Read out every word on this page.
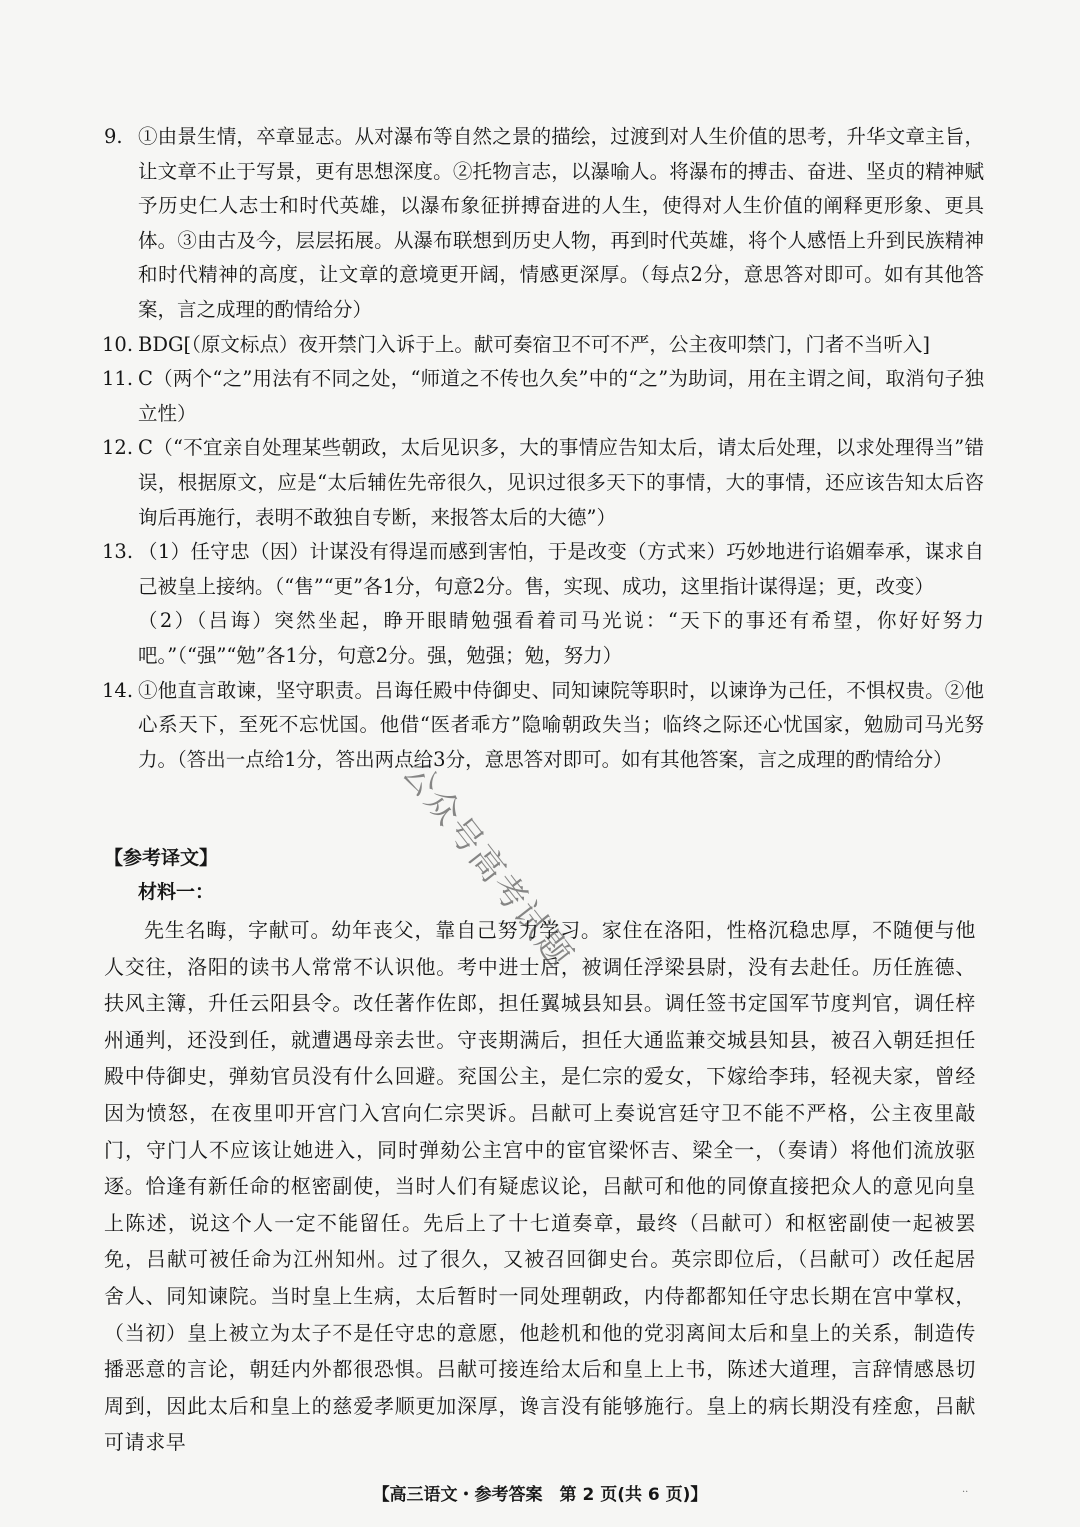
9. ①由景生情，卒章显志。从对瀑布等自然之景的描绘，过渡到对人生价值的思考，升华文章主旨，让文章不止于写景，更有思想深度。②托物言志，以瀑喻人。将瀑布的搏击、奋进、坚贞的精神赋予历史仁人志士和时代英雄，以瀑布象征拼搏奋进的人生，使得对人生价值的阐释更形象、更具体。③由古及今，层层拓展。从瀑布联想到历史人物，再到时代英雄，将个人感悟上升到民族精神和时代精神的高度，让文章的意境更开阔，情感更深厚。（每点2分，意思答对即可。如有其他答案，言之成理的酌情给分）
10. BDG[（原文标点）夜开禁门入诉于上。献可奏宿卫不可不严，公主夜叩禁门，门者不当听入]
11. C（两个“之”用法有不同之处，“师道之不传也久矣”中的“之”为助词，用在主谓之间，取消句子独立性）
12. C（“不宜亲自处理某些朝政，太后见识多，大的事情应告知太后，请太后处理，以求处理得当”错误，根据原文，应是“太后辅佐先帝很久，见识过很多天下的事情，大的事情，还应该告知太后咨询后再施行，表明不敢独自专断，来报答太后的大德”）
13. （1）任守忠（因）计谋没有得逞而感到害怕，于是改变（方式来）巧妙地进行谄媚奉承，谋求自己被皇上接纳。（“售”“更”各1分，句意2分。售，实现、成功，这里指计谋得逞；更，改变）
（2）（吕诲）突然坐起，睁开眼睛勉强看着司马光说：“天下的事还有希望，你好好努力吧。”（“强”“勉”各1分，句意2分。强，勉强；勉，努力）
14. ①他直言敢谏，坚守职责。吕诲任殿中侍御史、同知谏院等职时，以谏诤为己任，不惧权贵。②他心系天下，至死不忘忧国。他借“医者乖方”隐喻朝政失当；临终之际还心忧国家，勉励司马光努力。（答出一点给1分，答出两点给3分，意思答对即可。如有其他答案，言之成理的酌情给分）
【参考译文】
材料一：
先生名晦，字献可。幼年丧父，靠自己努力学习。家住在洛阳，性格沉稳忠厚，不随便与他人交往，洛阳的读书人常常不认识他。考中进士后，被调任浮梁县尉，没有去赴任。历任旌德、扶风主簿，升任云阳县令。改任著作佐郎，担任翼城县知县。调任签书定国军节度判官，调任梓州通判，还没到任，就遭遇母亲去世。守丧期满后，担任大通监兼交城县知县，被召入朝廷担任殿中侍御史，弹劾官员没有什么回避。兖国公主，是仁宗的爱女，下嫁给李玮，轻视夫家，曾经因为愤怒，在夜里叩开宫门入宫向仁宗哭诉。吕献可上奏说宫廷守卫不能不严格，公主夜里敲门，守门人不应该让她进入，同时弹劾公主宫中的宦官梁怀吉、梁全一，（奏请）将他们流放驱逐。恰逢有新任命的枢密副使，当时人们有疑虑议论，吕献可和他的同僚直接把众人的意见向皇上陈述，说这个人一定不能留任。先后上了十七道奏章，最终（吕献可）和枢密副使一起被罢免，吕献可被任命为江州知州。过了很久，又被召回御史台。英宗即位后，（吕献可）改任起居舍人、同知谏院。当时皇上生病，太后暂时一同处理朝政，内侍都都知任守忠长期在宫中掌权，（当初）皇上被立为太子不是任守忠的意愿，他趁机和他的党羽离间太后和皇上的关系，制造传播恶意的言论，朝廷内外都很恐惧。吕献可接连给太后和皇上上书，陈述大道理，言辞情感恳切周到，因此太后和皇上的慈爱孝顺更加深厚，谗言没有能够施行。皇上的病长期没有痊愈，吕献可请求早
公众号高考试题
【高三语文・参考答案　第 2 页(共 6 页)】	··
